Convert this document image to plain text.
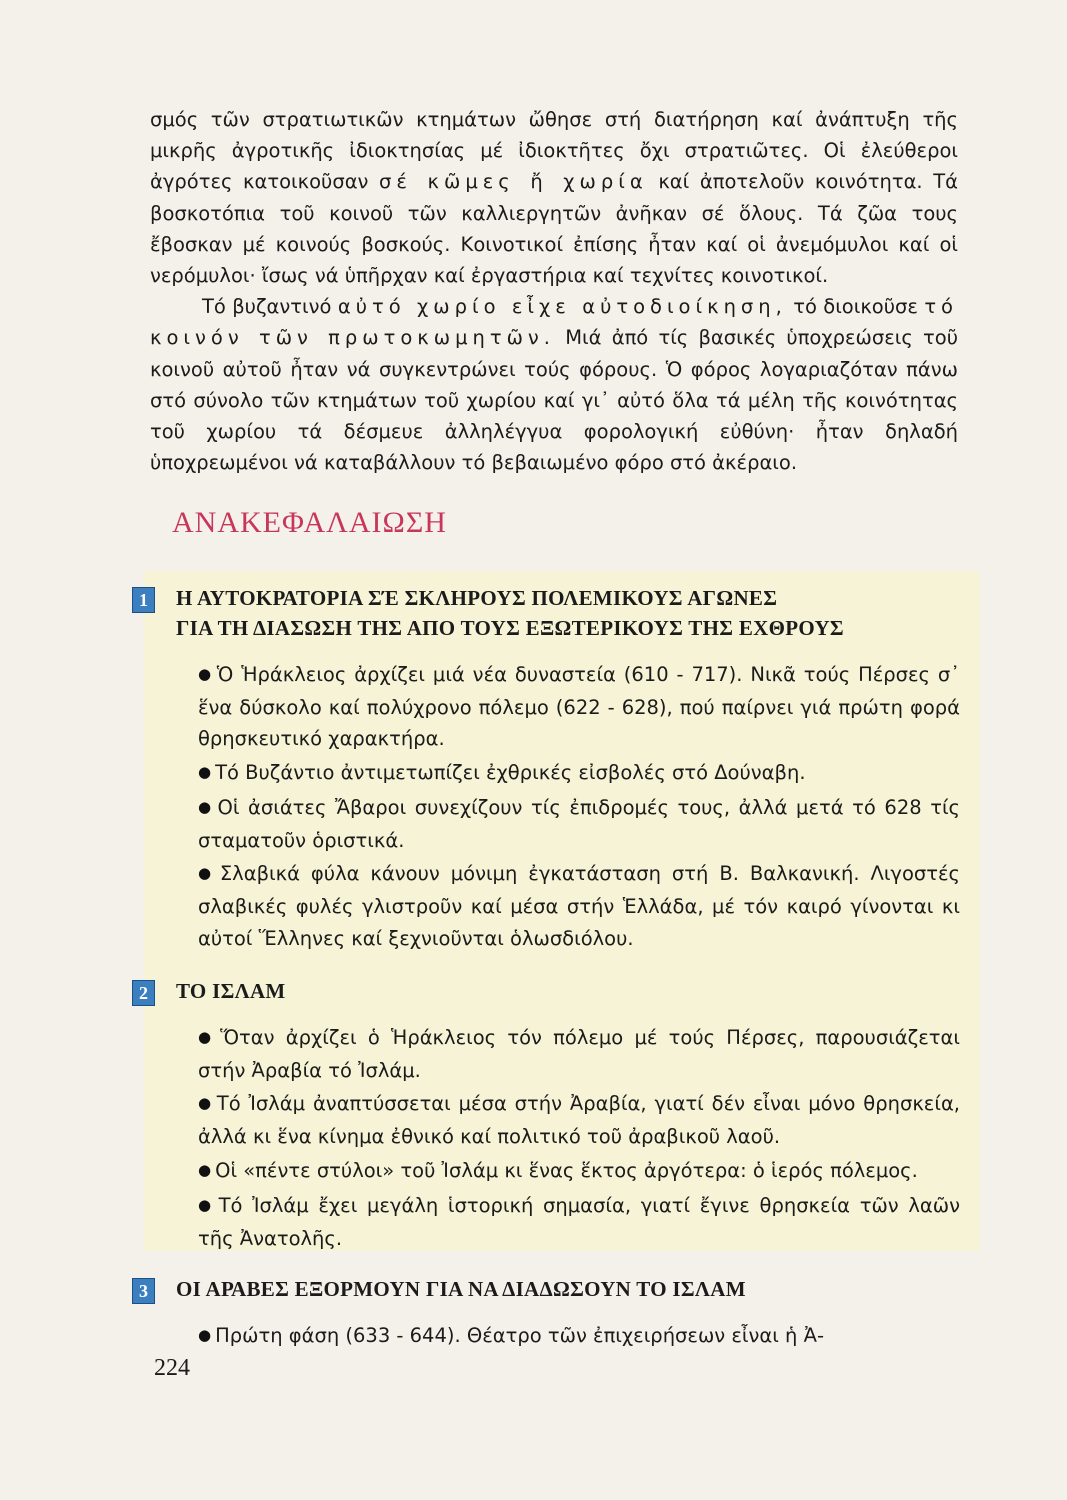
σμός τῶν στρατιωτικῶν κτημάτων ὤθησε στή διατήρηση καί ἀνάπτυξη τῆς μικρῆς ἀγροτικῆς ἰδιοκτησίας μέ ἰδιοκτῆτες ὄχι στρατιῶτες. Οἱ ἐλεύθεροι ἀγρότες κατοικοῦσαν σέ κῶμες ἤ χωρία καί ἀποτελοῦν κοινότητα. Τά βοσκοτόπια τοῦ κοινοῦ τῶν καλλιεργητῶν ἀνῆκαν σέ ὅλους. Τά ζῶα τους ἔβοσκαν μέ κοινούς βοσκούς. Κοινοτικοί ἐπίσης ἦταν καί οἱ ἀνεμόμυλοι καί οἱ νερόμυλοι· ἴσως νά ὑπῆρχαν καί ἐργαστήρια καί τεχνίτες κοινοτικοί.

Τό βυζαντινό αὐτό χωρίο εἶχε αὐτοδιοίκηση, τό διοικοῦσε τό κοινόν τῶν πρωτοκωμητῶν. Μιά ἀπό τίς βασικές ὑποχρεώσεις τοῦ κοινοῦ αὐτοῦ ἦταν νά συγκεντρώνει τούς φόρους. Ὁ φόρος λογαριαζόταν πάνω στό σύνολο τῶν κτημάτων τοῦ χωρίου καί γι᾽ αὐτό ὅλα τά μέλη τῆς κοινότητας τοῦ χωρίου τά δέσμευε ἀλληλέγγυα φορολογική εὐθύνη· ἦταν δηλαδή ὑποχρεωμένοι νά καταβάλλουν τό βεβαιωμένο φόρο στό ἀκέραιο.

ΑΝΑΚΕΦΑΛΑΙΩΣΗ
1	Η ΑΥΤΟΚΡΑΤΟΡΙΑ ΣΈ ΣΚΛΗΡΟΥΣ ΠΟΛΕΜΙΚΟΥΣ ΑΓΩΝΕΣ
ΓΙΑ ΤΗ ΔΙΑΣΩΣΗ ΤΗΣ ΑΠΟ ΤΟΥΣ ΕΞΩΤΕΡΙΚΟΥΣ ΤΗΣ ΕΧΘΡΟΥΣ
● Ὁ Ἡράκλειος ἀρχίζει μιά νέα δυναστεία (610 - 717). Νικᾶ τούς Πέρσες σ᾽ ἕνα δύσκολο καί πολύχρονο πόλεμο (622 - 628), πού παίρνει γιά πρώτη φορά θρησκευτικό χαρακτήρα.
● Τό Βυζάντιο ἀντιμετωπίζει ἐχθρικές εἰσβολές στό Δούναβη.
● Οἱ ἀσιάτες Ἄβαροι συνεχίζουν τίς ἐπιδρομές τους, ἀλλά μετά τό 628 τίς σταματοῦν ὁριστικά.
● Σλαβικά φύλα κάνουν μόνιμη ἐγκατάσταση στή Β. Βαλκανική. Λιγοστές σλαβικές φυλές γλιστροῦν καί μέσα στήν Ἑλλάδα, μέ τόν καιρό γίνονται κι αὐτοί Ἕλληνες καί ξεχνιοῦνται ὁλωσδιόλου.
2	ΤΟ ΙΣΛΑΜ
● Ὅταν ἀρχίζει ὁ Ἡράκλειος τόν πόλεμο μέ τούς Πέρσες, παρουσιάζεται στήν Ἀραβία τό Ἰσλάμ.
● Τό Ἰσλάμ ἀναπτύσσεται μέσα στήν Ἀραβία, γιατί δέν εἶναι μόνο θρησκεία, ἀλλά κι ἕνα κίνημα ἐθνικό καί πολιτικό τοῦ ἀραβικοῦ λαοῦ.
● Οἱ «πέντε στύλοι» τοῦ Ἰσλάμ κι ἕνας ἕκτος ἀργότερα: ὁ ἱερός πόλεμος.
● Τό Ἰσλάμ ἔχει μεγάλη ἱστορική σημασία, γιατί ἔγινε θρησκεία τῶν λαῶν τῆς Ἀνατολῆς.
3	ΟΙ ΑΡΑΒΕΣ ΕΞΟΡΜΟΥΝ ΓΙΑ ΝΑ ΔΙΑΔΩΣΟΥΝ ΤΟ ΙΣΛΑΜ
● Πρώτη φάση (633 - 644). Θέατρο τῶν ἐπιχειρήσεων εἶναι ἡ Ἀ-
224
